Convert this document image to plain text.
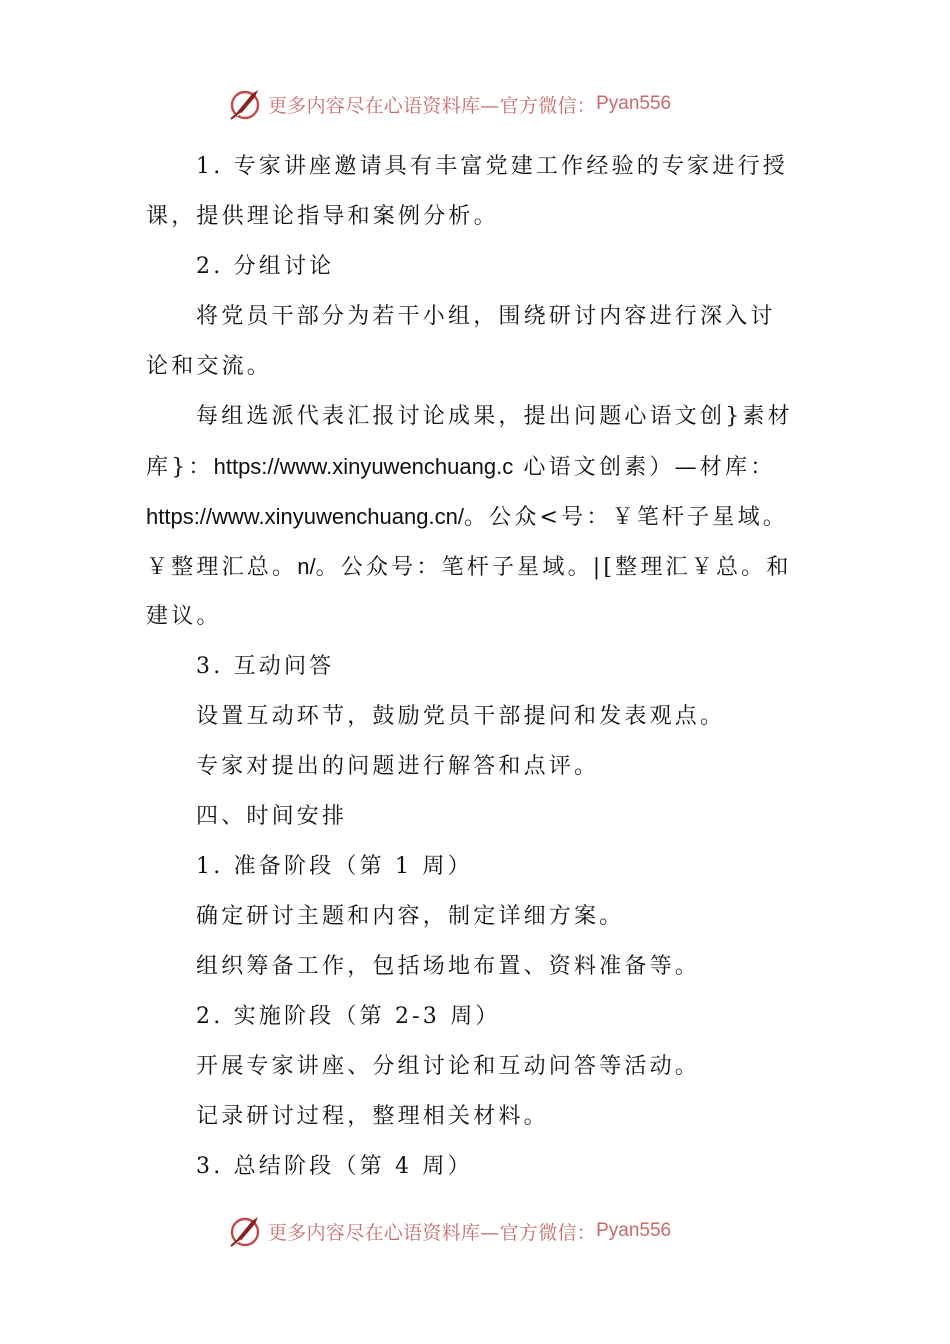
更多内容尽在心语资料库—官方微信： Pyan556
1. 专家讲座邀请具有丰富党建工作经验的专家进行授
课，提供理论指导和案例分析。
2. 分组讨论
将党员干部分为若干小组，围绕研讨内容进行深入讨
论和交流。
每组选派代表汇报讨论成果，提出问题心语文创}素材
库}：https://www.xinyuwenchuang.c 心语文创素）—材库：
https://www.xinyuwenchuang.cn/。公众<号：￥笔杆子星域。
￥整理汇总。n/。公众号：笔杆子星域。|[整理汇￥总。和
建议。
3. 互动问答
设置互动环节，鼓励党员干部提问和发表观点。
专家对提出的问题进行解答和点评。
四、时间安排
1. 准备阶段（第 1 周）
确定研讨主题和内容，制定详细方案。
组织筹备工作，包括场地布置、资料准备等。
2. 实施阶段（第 2-3 周）
开展专家讲座、分组讨论和互动问答等活动。
记录研讨过程，整理相关材料。
3. 总结阶段（第 4 周）
更多内容尽在心语资料库—官方微信： Pyan556
